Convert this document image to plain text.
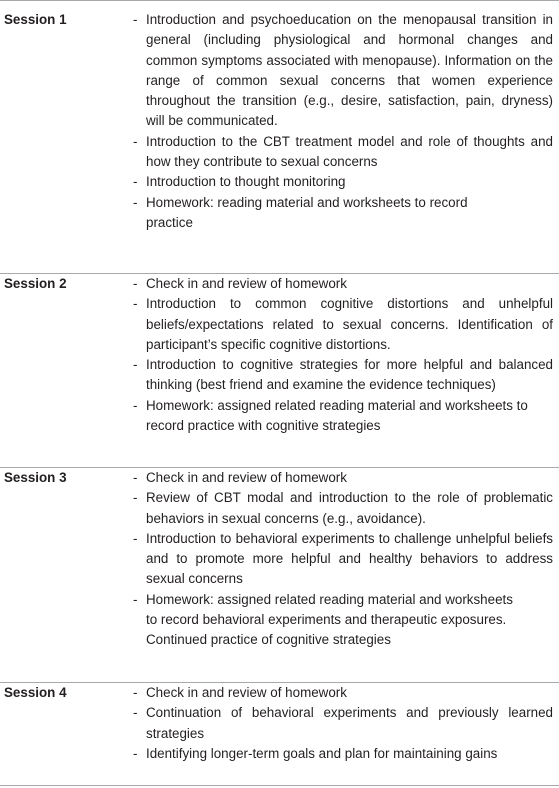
Session 1	- Introduction and psychoeducation on the menopausal transition in general (including physiological and hormonal changes and common symptoms associated with menopause). Information on the range of common sexual concerns that women experience throughout the transition (e.g., desire, satisfaction, pain, dryness) will be communicated.
- Introduction to the CBT treatment model and role of thoughts and how they contribute to sexual concerns
- Introduction to thought monitoring
- Homework: reading material and worksheets to record practice
Session 2	- Check in and review of homework
- Introduction to common cognitive distortions and unhelpful beliefs/expectations related to sexual concerns. Identification of participant’s specific cognitive distortions.
- Introduction to cognitive strategies for more helpful and balanced thinking (best friend and examine the evidence techniques)
- Homework: assigned related reading material and worksheets to record practice with cognitive strategies
Session 3	- Check in and review of homework
- Review of CBT modal and introduction to the role of problematic behaviors in sexual concerns (e.g., avoidance).
- Introduction to behavioral experiments to challenge unhelpful beliefs and to promote more helpful and healthy behaviors to address sexual concerns
- Homework: assigned related reading material and worksheets to record behavioral experiments and therapeutic exposures. Continued practice of cognitive strategies
Session 4	- Check in and review of homework
- Continuation of behavioral experiments and previously learned strategies
- Identifying longer-term goals and plan for maintaining gains
